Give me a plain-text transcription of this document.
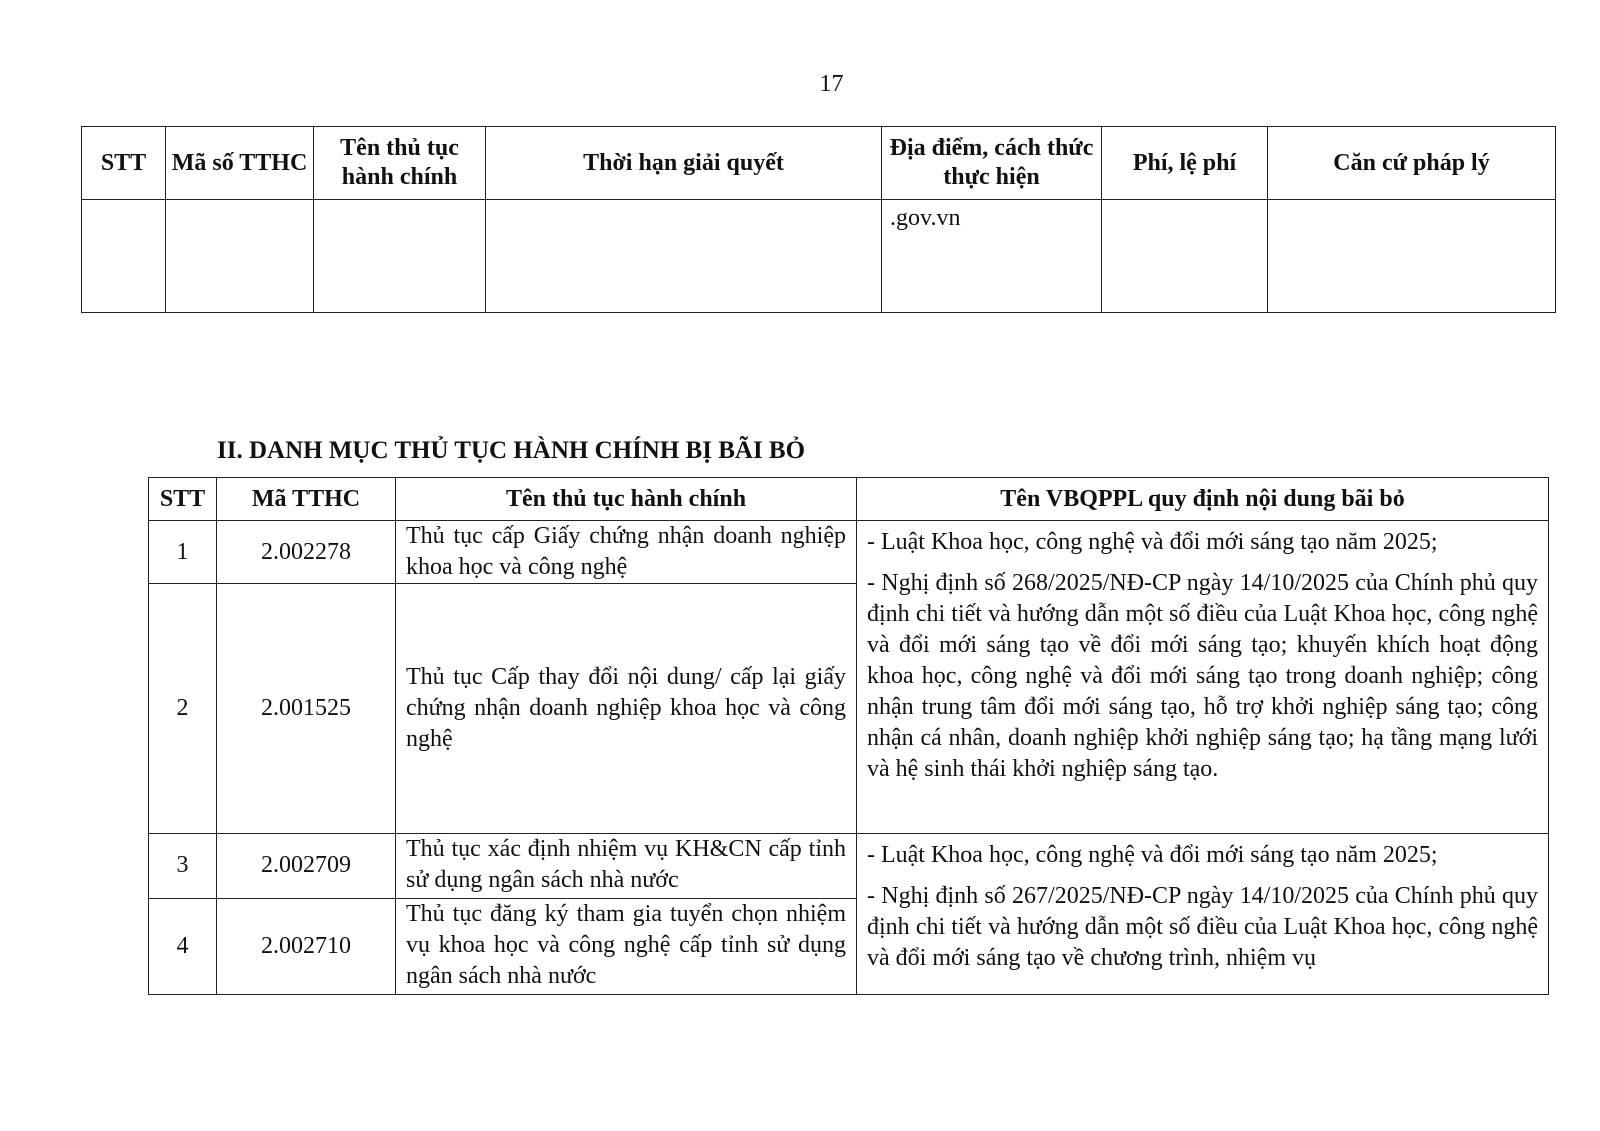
17
STT	Mã số TTHC	Tên thủ tục hành chính	Thời hạn giải quyết	Địa điểm, cách thức thực hiện	Phí, lệ phí	Căn cứ pháp lý
				.gov.vn		
II. DANH MỤC THỦ TỤC HÀNH CHÍNH BỊ BÃI BỎ
STT	Mã TTHC	Tên thủ tục hành chính	Tên VBQPPL quy định nội dung bãi bỏ
1	2.002278	Thủ tục cấp Giấy chứng nhận doanh nghiệp khoa học và công nghệ	- Luật Khoa học, công nghệ và đổi mới sáng tạo năm 2025;

- Nghị định số 268/2025/NĐ-CP ngày 14/10/2025 của Chính phủ quy định chi tiết và hướng dẫn một số điều của Luật Khoa học, công nghệ và đổi mới sáng tạo về đổi mới sáng tạo; khuyến khích hoạt động khoa học, công nghệ và đổi mới sáng tạo trong doanh nghiệp; công nhận trung tâm đổi mới sáng tạo, hỗ trợ khởi nghiệp sáng tạo; công nhận cá nhân, doanh nghiệp khởi nghiệp sáng tạo; hạ tầng mạng lưới và hệ sinh thái khởi nghiệp sáng tạo.

2	2.001525	Thủ tục Cấp thay đổi nội dung/ cấp lại giấy chứng nhận doanh nghiệp khoa học và công nghệ	
3	2.002709	Thủ tục xác định nhiệm vụ KH&CN cấp tỉnh sử dụng ngân sách nhà nước	- Luật Khoa học, công nghệ và đổi mới sáng tạo năm 2025;

- Nghị định số 267/2025/NĐ-CP ngày 14/10/2025 của Chính phủ quy định chi tiết và hướng dẫn một số điều của Luật Khoa học, công nghệ và đổi mới sáng tạo về chương trình, nhiệm vụ

4	2.002710	Thủ tục đăng ký tham gia tuyển chọn nhiệm vụ khoa học và công nghệ cấp tỉnh sử dụng ngân sách nhà nước	
